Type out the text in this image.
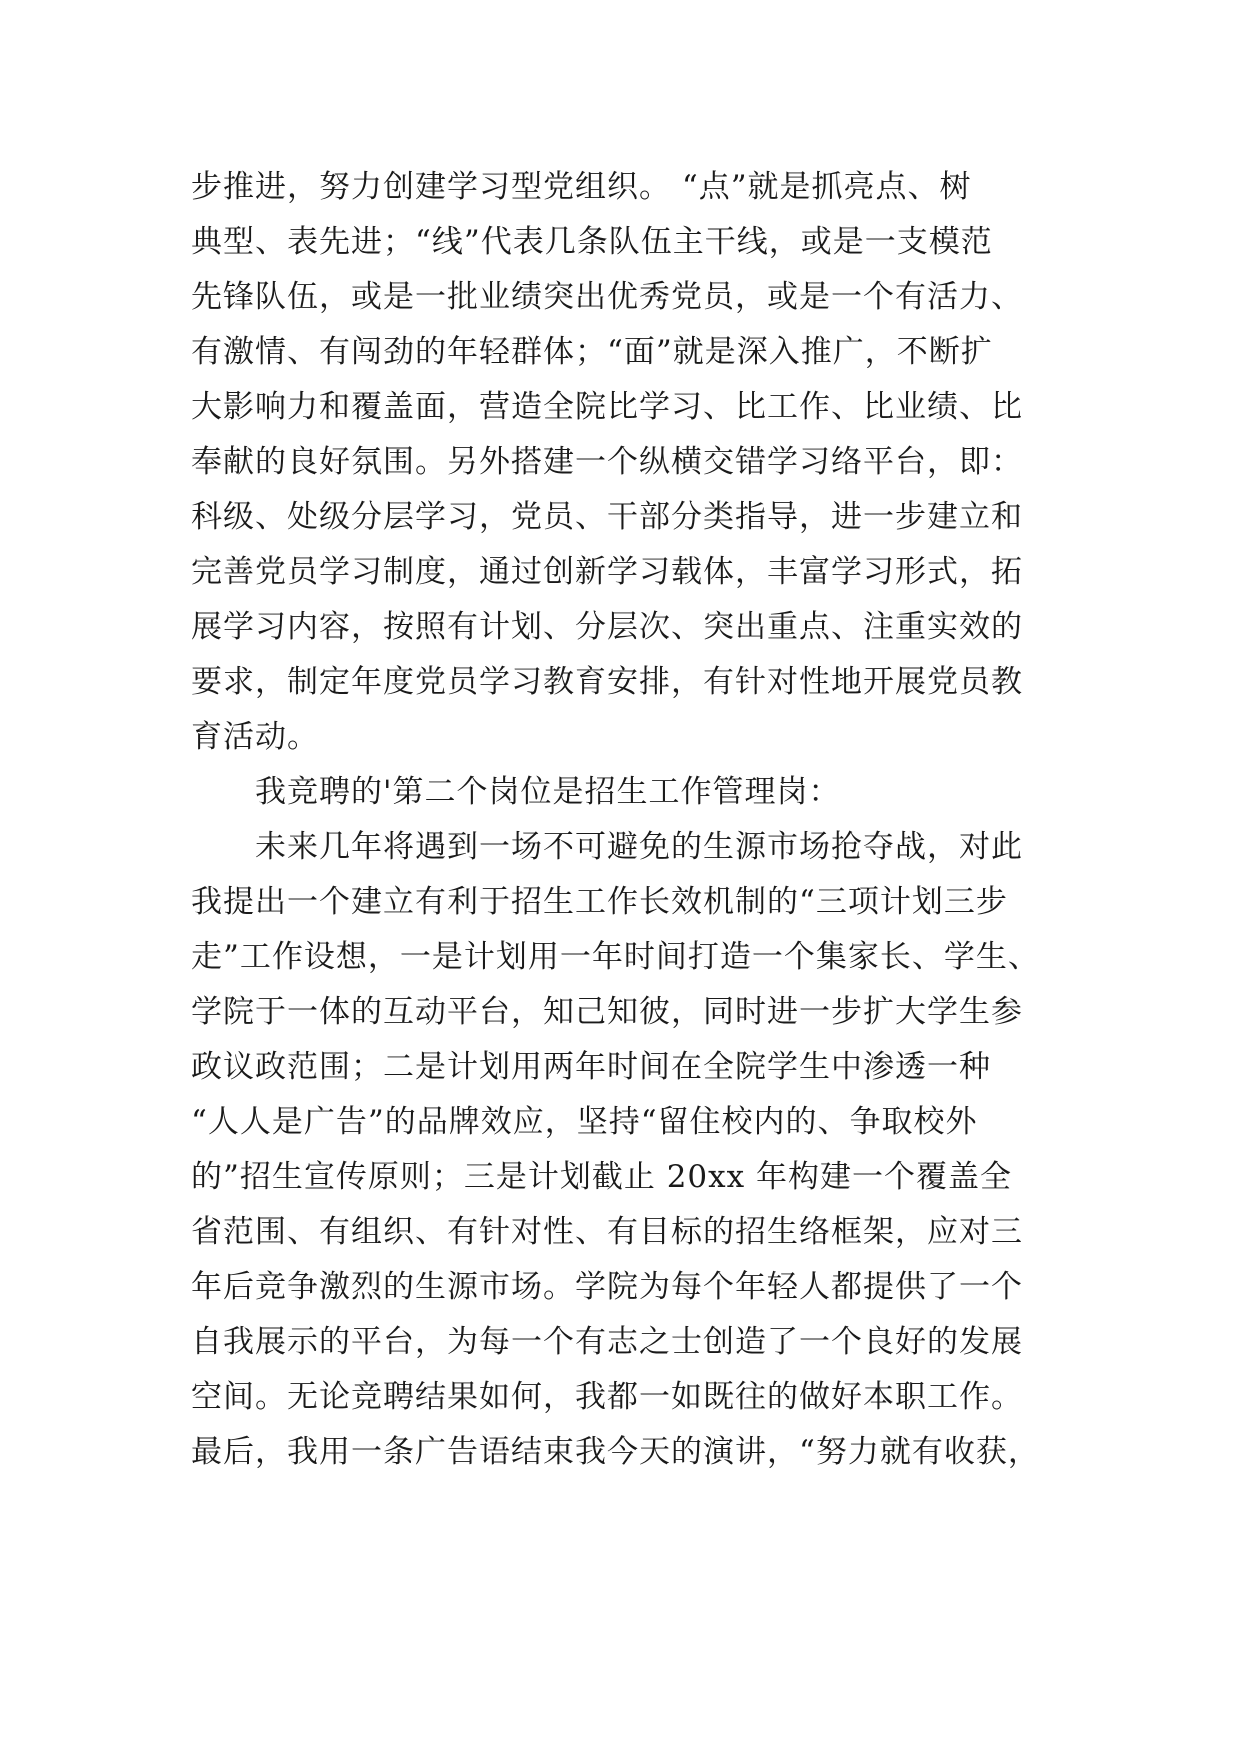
步推进，努力创建学习型党组织。 “点”就是抓亮点、树
典型、表先进；“线”代表几条队伍主干线，或是一支模范
先锋队伍，或是一批业绩突出优秀党员，或是一个有活力、
有激情、有闯劲的年轻群体；“面”就是深入推广，不断扩
大影响力和覆盖面，营造全院比学习、比工作、比业绩、比
奉献的良好氛围。另外搭建一个纵横交错学习络平台，即：
科级、处级分层学习，党员、干部分类指导，进一步建立和
完善党员学习制度，通过创新学习载体，丰富学习形式，拓
展学习内容，按照有计划、分层次、突出重点、注重实效的
要求，制定年度党员学习教育安排，有针对性地开展党员教
育活动。
我竞聘的'第二个岗位是招生工作管理岗：
未来几年将遇到一场不可避免的生源市场抢夺战，对此
我提出一个建立有利于招生工作长效机制的“三项计划三步
走”工作设想，一是计划用一年时间打造一个集家长、学生、
学院于一体的互动平台，知己知彼，同时进一步扩大学生参
政议政范围；二是计划用两年时间在全院学生中渗透一种
“人人是广告”的品牌效应，坚持“留住校内的、争取校外
的”招生宣传原则；三是计划截止 20xx 年构建一个覆盖全
省范围、有组织、有针对性、有目标的招生络框架，应对三
年后竞争激烈的生源市场。学院为每个年轻人都提供了一个
自我展示的平台，为每一个有志之士创造了一个良好的发展
空间。无论竞聘结果如何，我都一如既往的做好本职工作。
最后，我用一条广告语结束我今天的演讲，“努力就有收获，
